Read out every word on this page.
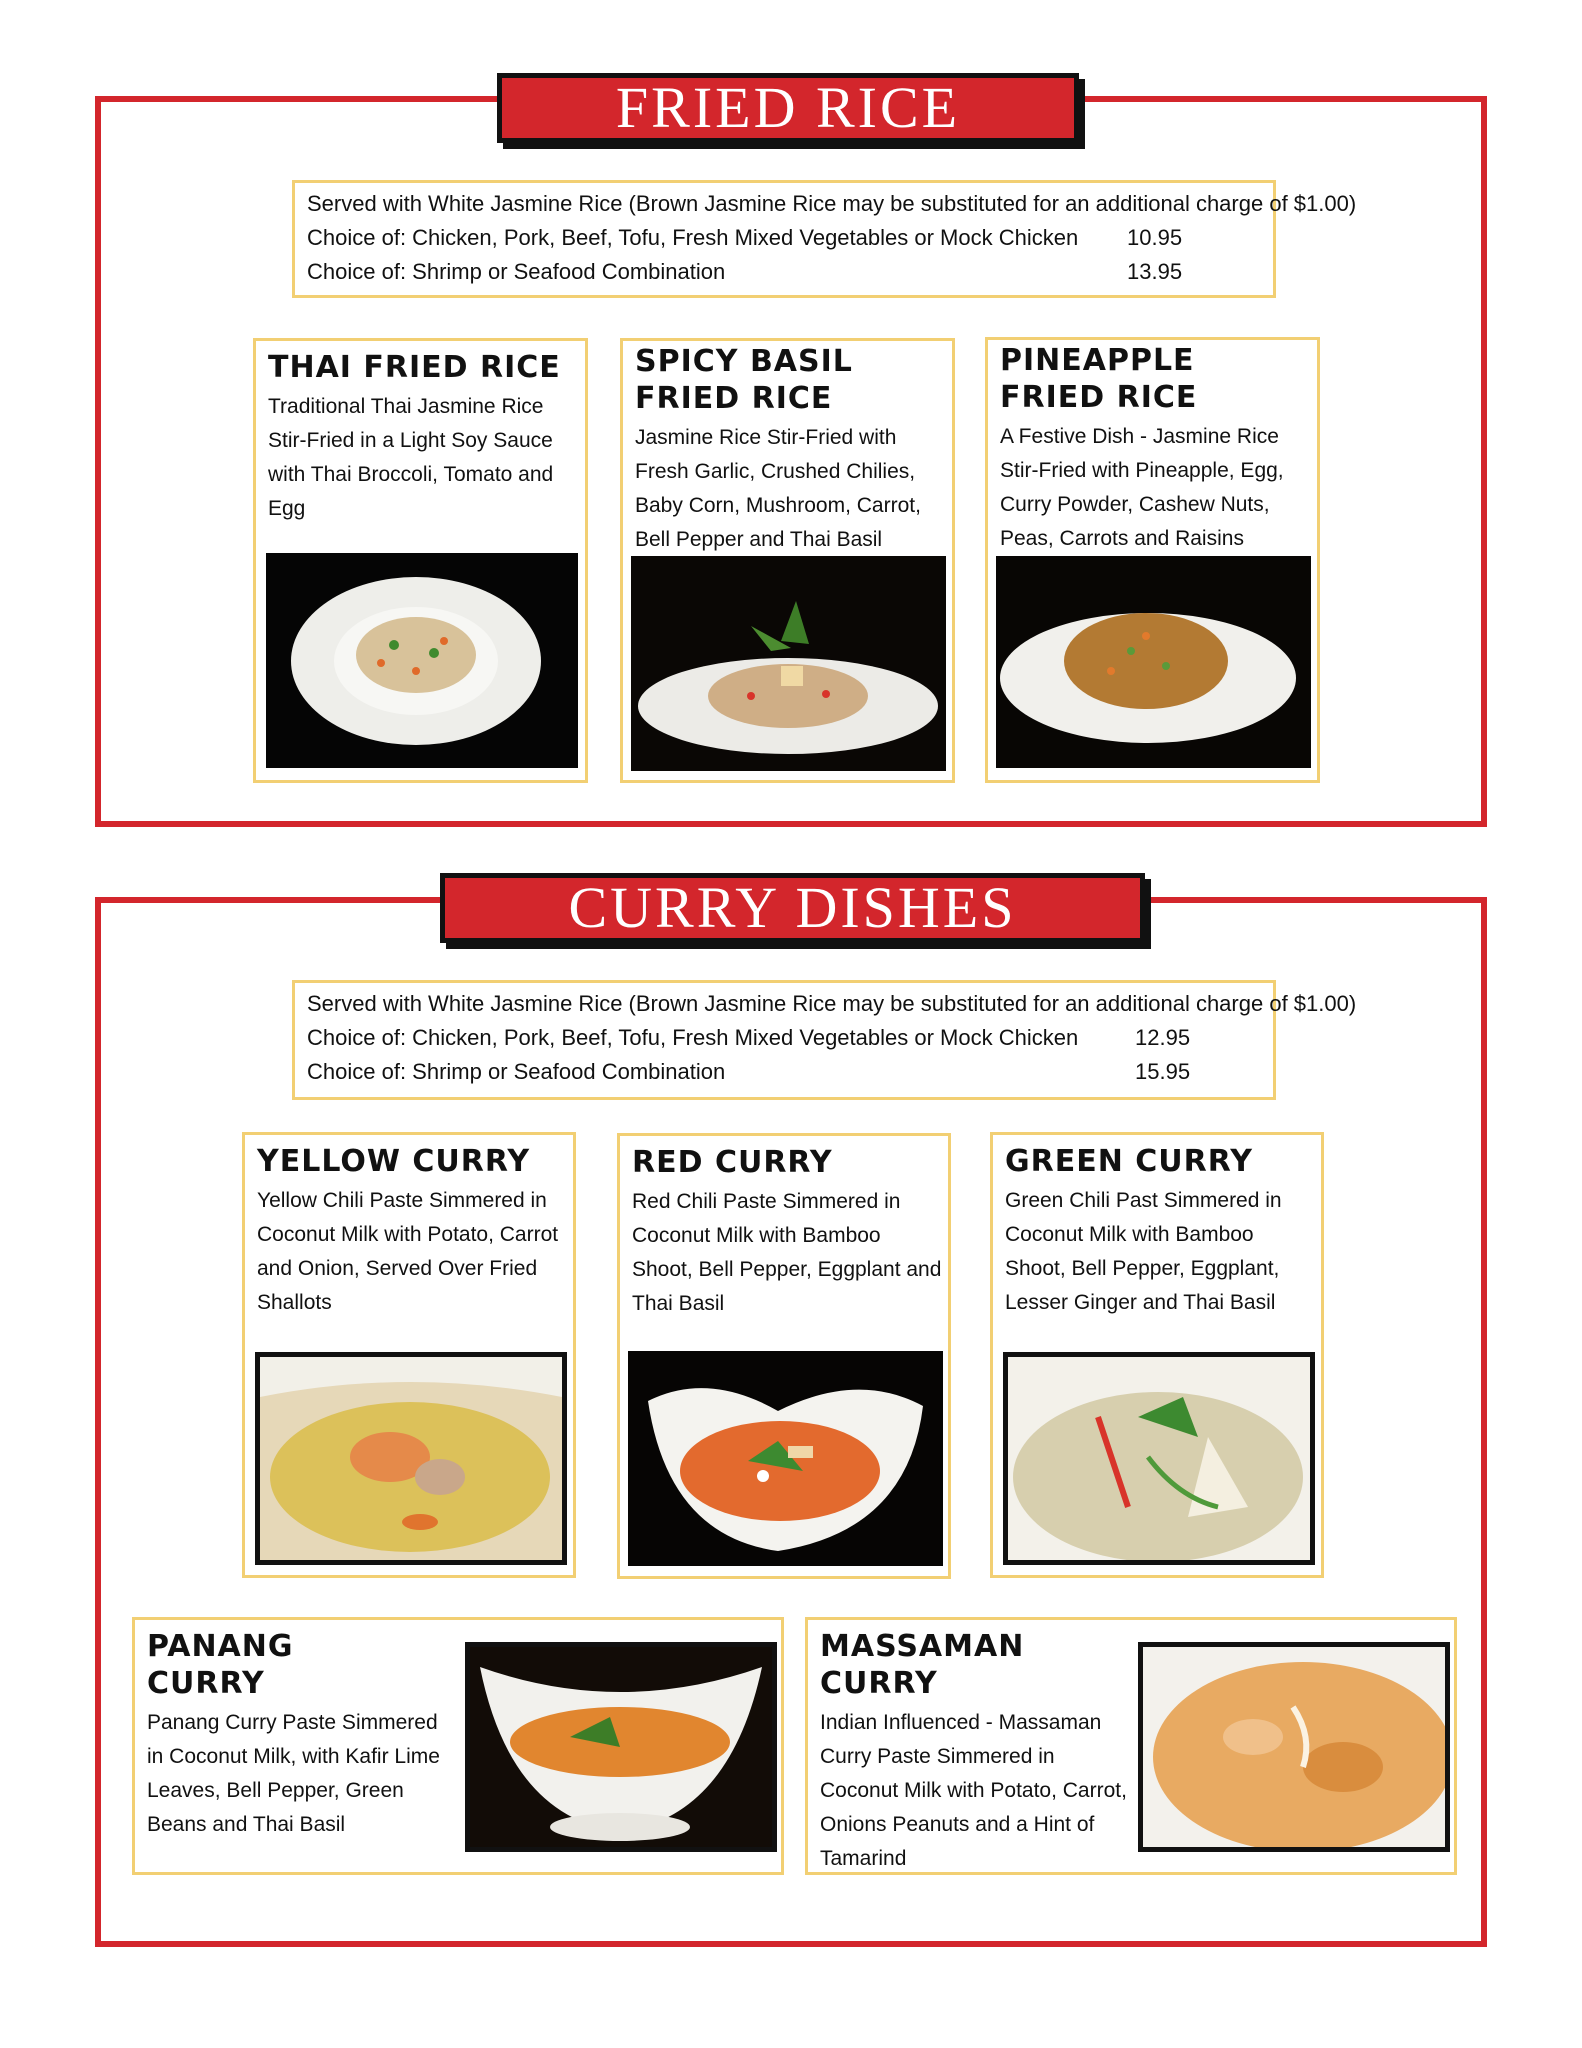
FRIED RICE
Served with White Jasmine Rice (Brown Jasmine Rice may be substituted for an additional charge of $1.00)
Choice of: Chicken, Pork, Beef, Tofu, Fresh Mixed Vegetables or Mock Chicken 10.95
Choice of: Shrimp or Seafood Combination	13.95
THAI FRIED RICE

Traditional Thai Jasmine Rice Stir-Fried in a Light Soy Sauce with Thai Broccoli, Tomato and Egg

SPICY BASIL FRIED RICE

Jasmine Rice Stir-Fried with Fresh Garlic, Crushed Chilies, Baby Corn, Mushroom, Carrot, Bell Pepper and Thai Basil

PINEAPPLE FRIED RICE

A Festive Dish - Jasmine Rice Stir-Fried with Pineapple, Egg, Curry Powder, Cashew Nuts, Peas, Carrots and Raisins

CURRY DISHES
Served with White Jasmine Rice (Brown Jasmine Rice may be substituted for an additional charge of $1.00)
Choice of: Chicken, Pork, Beef, Tofu, Fresh Mixed Vegetables or Mock Chicken	12.95
Choice of: Shrimp or Seafood Combination	15.95
YELLOW CURRY

Yellow Chili Paste Simmered in Coconut Milk with Potato, Carrot and Onion, Served Over Fried Shallots

RED CURRY

Red Chili Paste Simmered in Coconut Milk with Bamboo Shoot, Bell Pepper, Eggplant and Thai Basil

GREEN CURRY

Green Chili Past Simmered in Coconut Milk with Bamboo Shoot, Bell Pepper, Eggplant, Lesser Ginger and Thai Basil

PANANG CURRY

Panang Curry Paste Simmered in Coconut Milk, with Kafir Lime Leaves, Bell Pepper, Green Beans and Thai Basil

MASSAMAN CURRY

Indian Influenced - Massaman Curry Paste Simmered in Coconut Milk with Potato, Carrot, Onions Peanuts and a Hint of Tamarind
